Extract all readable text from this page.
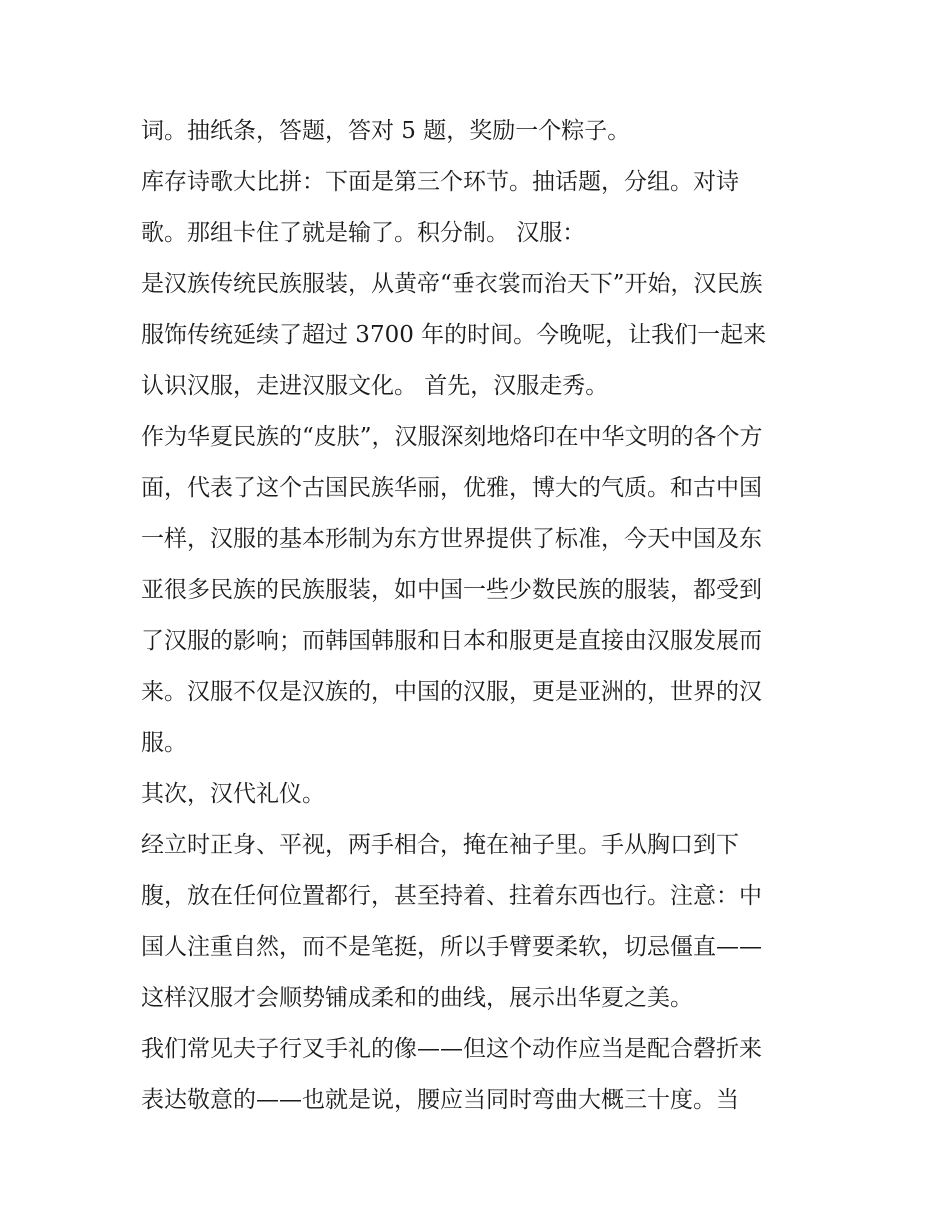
词。抽纸条，答题，答对 5 题，奖励一个粽子。
库存诗歌大比拼：下面是第三个环节。抽话题，分组。对诗
歌。那组卡住了就是输了。积分制。 汉服：
是汉族传统民族服装，从黄帝“垂衣裳而治天下”开始，汉民族
服饰传统延续了超过 3700 年的时间。今晚呢，让我们一起来
认识汉服，走进汉服文化。 首先，汉服走秀。
作为华夏民族的“皮肤”，汉服深刻地烙印在中华文明的各个方
面，代表了这个古国民族华丽，优雅，博大的气质。和古中国
一样，汉服的基本形制为东方世界提供了标准，今天中国及东
亚很多民族的民族服装，如中国一些少数民族的服装，都受到
了汉服的影响；而韩国韩服和日本和服更是直接由汉服发展而
来。汉服不仅是汉族的，中国的汉服，更是亚洲的，世界的汉
服。
其次，汉代礼仪。
经立时正身、平视，两手相合，掩在袖子里。手从胸口到下
腹，放在任何位置都行，甚至持着、拄着东西也行。注意：中
国人注重自然，而不是笔挺，所以手臂要柔软，切忌僵直——
这样汉服才会顺势铺成柔和的曲线，展示出华夏之美。
我们常见夫子行叉手礼的像——但这个动作应当是配合磬折来
表达敬意的——也就是说，腰应当同时弯曲大概三十度。当
